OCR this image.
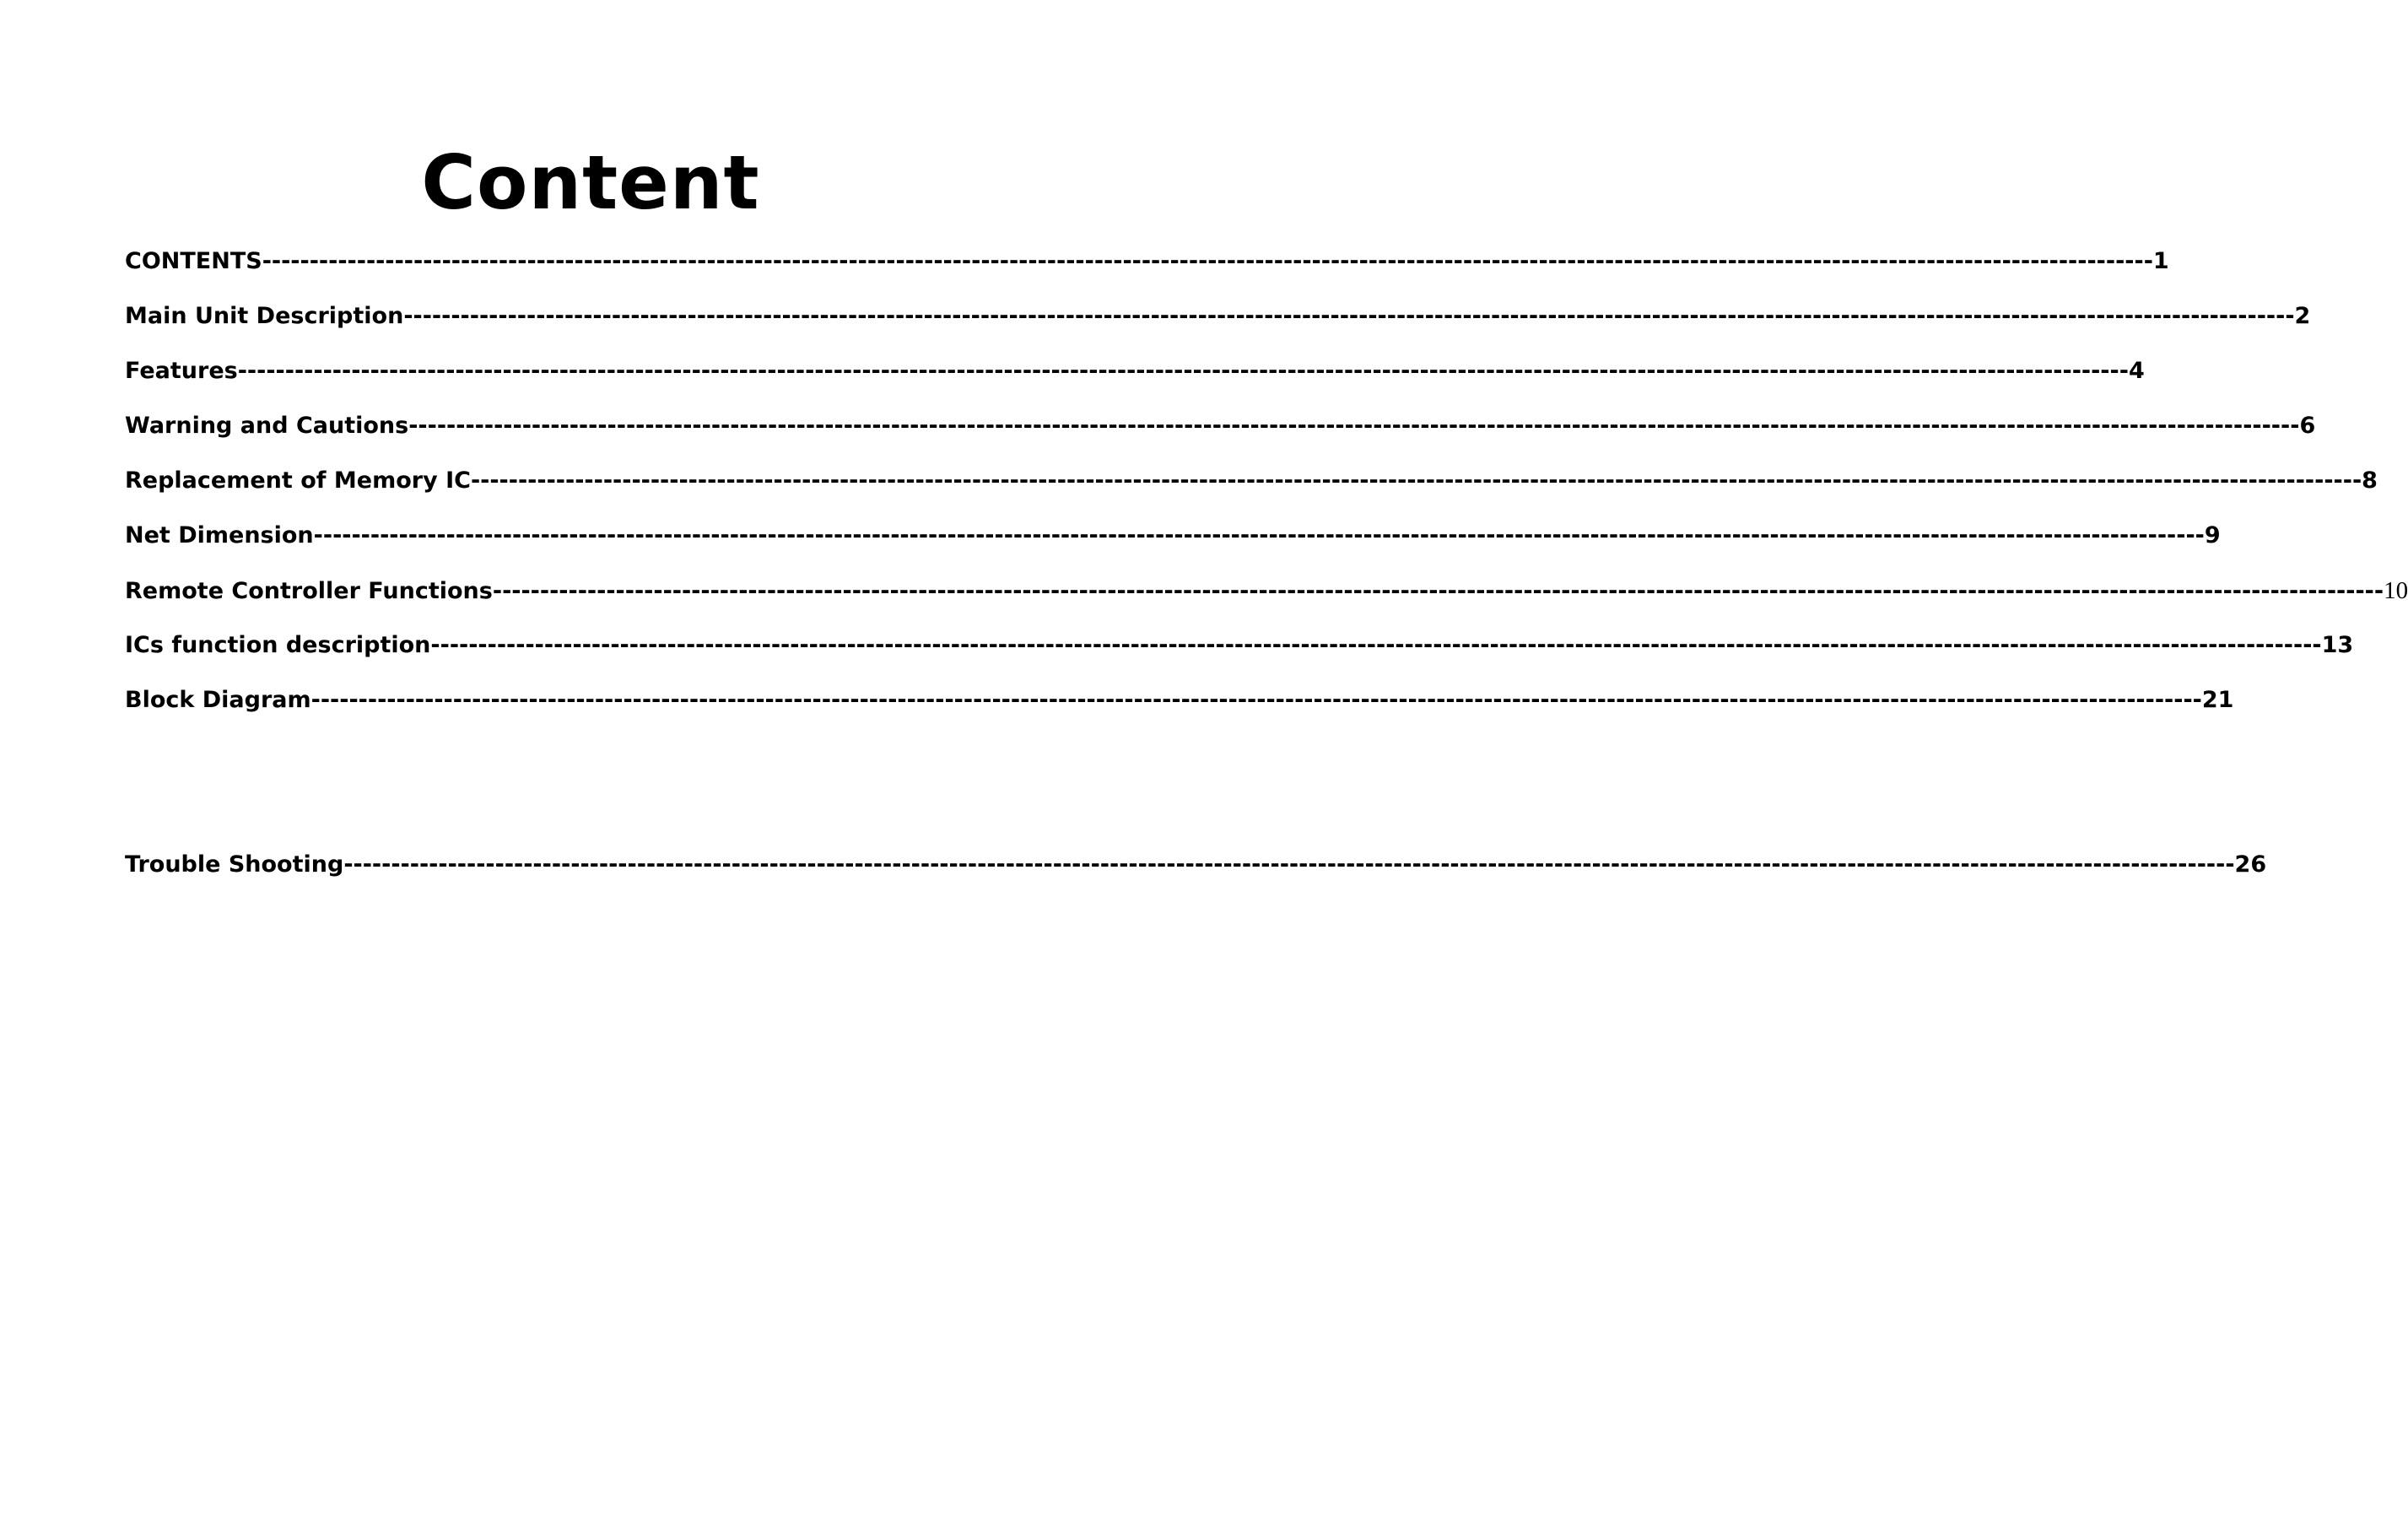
Content
CONTENTS -------------------------------------------------------------------------------------------------------------------------------------------------------------------------------------------------------- 1
Main Unit Description -------------------------------------------------------------------------------------------------------------------------------------------------------------------------------------------------------- 2
Features -------------------------------------------------------------------------------------------------------------------------------------------------------------------------------------------------------- 4
Warning and Cautions -------------------------------------------------------------------------------------------------------------------------------------------------------------------------------------------------------- 6
Replacement of Memory IC -------------------------------------------------------------------------------------------------------------------------------------------------------------------------------------------------------- 8
Net Dimension -------------------------------------------------------------------------------------------------------------------------------------------------------------------------------------------------------- 9
Remote Controller Functions -------------------------------------------------------------------------------------------------------------------------------------------------------------------------------------------------------- 10
ICs function description -------------------------------------------------------------------------------------------------------------------------------------------------------------------------------------------------------- 13
Block Diagram -------------------------------------------------------------------------------------------------------------------------------------------------------------------------------------------------------- 21
Trouble Shooting -------------------------------------------------------------------------------------------------------------------------------------------------------------------------------------------------------- 26
